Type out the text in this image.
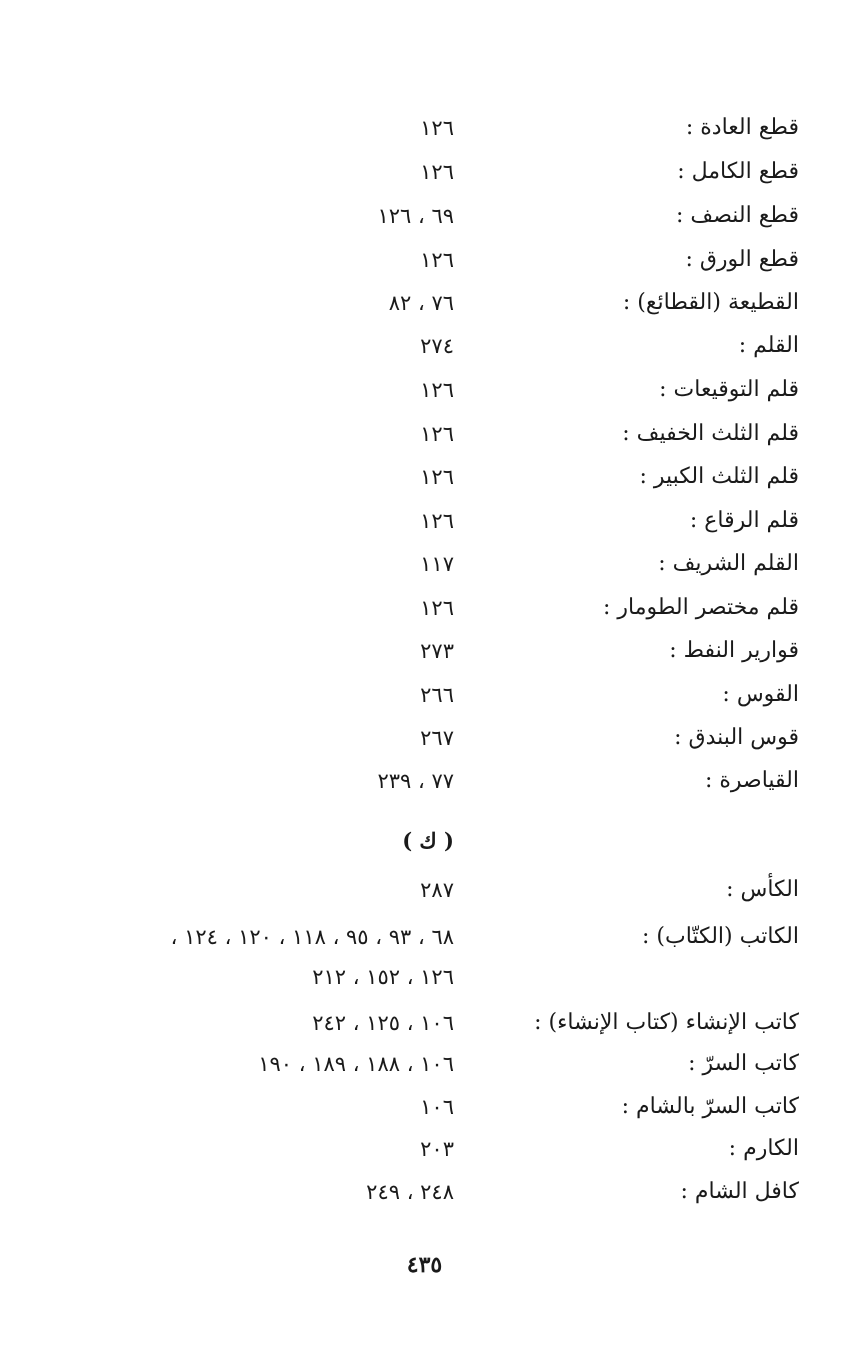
قطع العادة :
١٢٦
قطع الكامل :
١٢٦
قطع النصف :
٦٩ ، ١٢٦
قطع الورق :
١٢٦
القطيعة (القطائع) :
٧٦ ، ٨٢
القلم :
٢٧٤
قلم التوقيعات :
١٢٦
قلم الثلث الخفيف :
١٢٦
قلم الثلث الكبير :
١٢٦
قلم الرقاع :
١٢٦
القلم الشريف :
١١٧
قلم مختصر الطومار :
١٢٦
قوارير النفط :
٢٧٣
القوس :
٢٦٦
قوس البندق :
٢٦٧
القياصرة :
٧٧ ، ٢٣٩
( ك )
الكأس :
٢٨٧
الكاتب (الكتّاب) :
٦٨ ، ٩٣ ، ٩٥ ، ١١٨ ، ١٢٠ ، ١٢٤ ،
١٢٦ ، ١٥٢ ، ٢١٢
كاتب الإنشاء (كتاب الإنشاء) :
١٠٦ ، ١٢٥ ، ٢٤٢
كاتب السرّ :
١٠٦ ، ١٨٨ ، ١٨٩ ، ١٩٠
كاتب السرّ بالشام :
١٠٦
الكارم :
٢٠٣
كافل الشام :
٢٤٨ ، ٢٤٩
٤٣٥
